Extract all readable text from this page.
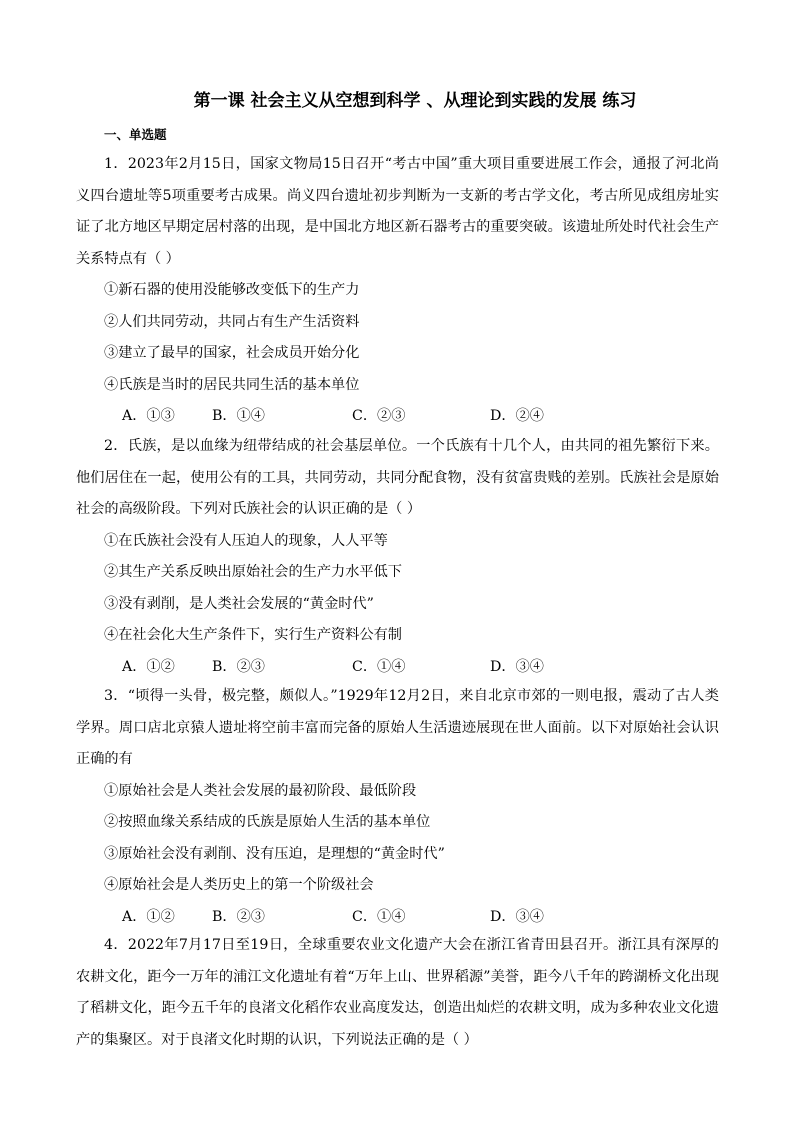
第一课 社会主义从空想到科学 、从理论到实践的发展 练习
一、单选题
1．2023年2月15日，国家文物局15日召开“考古中国”重大项目重要进展工作会，通报了河北尚义四台遗址等5项重要考古成果。尚义四台遗址初步判断为一支新的考古学文化，考古所见成组房址实证了北方地区早期定居村落的出现，是中国北方地区新石器考古的重要突破。该遗址所处时代社会生产关系特点有（ ）
①新石器的使用没能够改变低下的生产力
②人们共同劳动，共同占有生产生活资料
③建立了最早的国家，社会成员开始分化
④氏族是当时的居民共同生活的基本单位
A．①③	B．①④	C．②③	D．②④
2．氏族，是以血缘为纽带结成的社会基层单位。一个氏族有十几个人，由共同的祖先繁衍下来。他们居住在一起，使用公有的工具，共同劳动，共同分配食物，没有贫富贵贱的差别。氏族社会是原始社会的高级阶段。下列对氏族社会的认识正确的是（ ）
①在氏族社会没有人压迫人的现象，人人平等
②其生产关系反映出原始社会的生产力水平低下
③没有剥削，是人类社会发展的“黄金时代”
④在社会化大生产条件下，实行生产资料公有制
A．①②	B．②③	C．①④	D．③④
3．“顷得一头骨，极完整，颇似人。”1929年12月2日，来自北京市郊的一则电报，震动了古人类学界。周口店北京猿人遗址将空前丰富而完备的原始人生活遗迹展现在世人面前。以下对原始社会认识正确的有
①原始社会是人类社会发展的最初阶段、最低阶段
②按照血缘关系结成的氏族是原始人生活的基本单位
③原始社会没有剥削、没有压迫，是理想的“黄金时代”
④原始社会是人类历史上的第一个阶级社会
A．①②	B．②③	C．①④	D．③④
4．2022年7月17日至19日，全球重要农业文化遗产大会在浙江省青田县召开。浙江具有深厚的农耕文化，距今一万年的浦江文化遗址有着“万年上山、世界稻源”美誉，距今八千年的跨湖桥文化出现了稻耕文化，距今五千年的良渚文化稻作农业高度发达，创造出灿烂的农耕文明，成为多种农业文化遗产的集聚区。对于良渚文化时期的认识，下列说法正确的是（ ）
